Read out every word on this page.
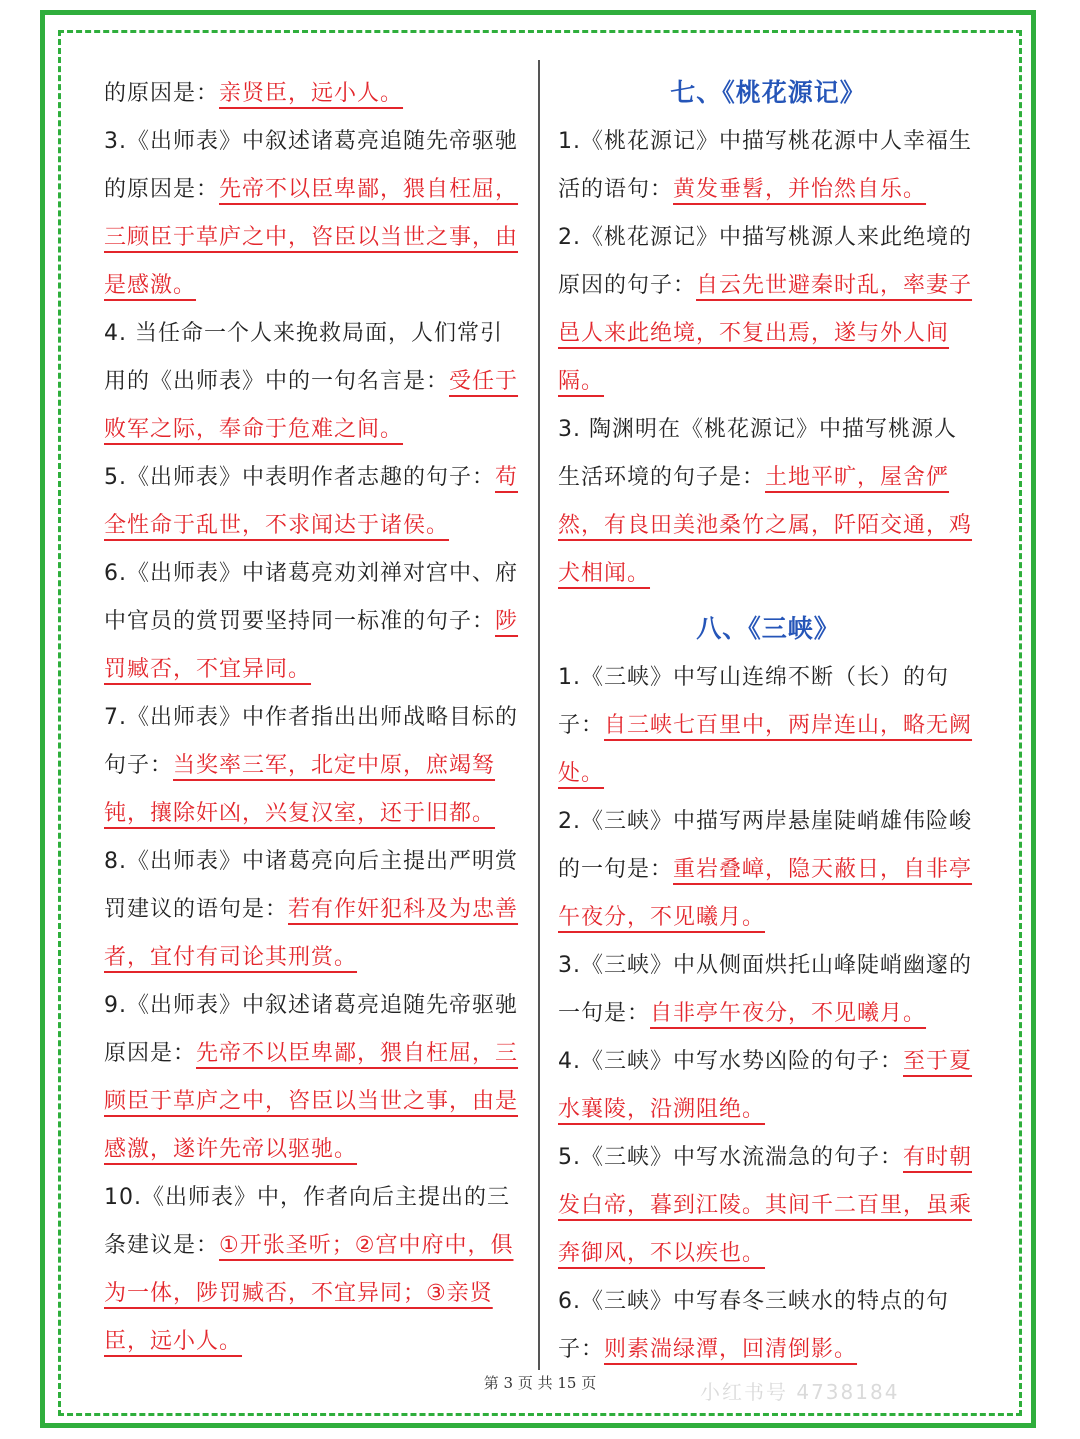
的原因是：亲贤臣，远小人。

3.《出师表》中叙述诸葛亮追随先帝驱驰的原因是：先帝不以臣卑鄙，猥自枉屈，三顾臣于草庐之中，咨臣以当世之事，由是感激。

4. 当任命一个人来挽救局面，人们常引用的《出师表》中的一句名言是：受任于败军之际，奉命于危难之间。

5.《出师表》中表明作者志趣的句子：苟全性命于乱世，不求闻达于诸侯。

6.《出师表》中诸葛亮劝刘禅对宫中、府中官员的赏罚要坚持同一标准的句子：陟罚臧否，不宜异同。

7.《出师表》中作者指出出师战略目标的句子：当奖率三军，北定中原，庶竭驽钝，攘除奸凶，兴复汉室，还于旧都。

8.《出师表》中诸葛亮向后主提出严明赏罚建议的语句是：若有作奸犯科及为忠善者，宜付有司论其刑赏。

9.《出师表》中叙述诸葛亮追随先帝驱驰原因是：先帝不以臣卑鄙，猥自枉屈，三顾臣于草庐之中，咨臣以当世之事，由是感激，遂许先帝以驱驰。

10.《出师表》中，作者向后主提出的三条建议是：①开张圣听；②宫中府中，俱为一体，陟罚臧否，不宜异同；③亲贤臣，远小人。

七、《桃花源记》

1.《桃花源记》中描写桃花源中人幸福生活的语句：黄发垂髫，并怡然自乐。

2.《桃花源记》中描写桃源人来此绝境的原因的句子：自云先世避秦时乱，率妻子邑人来此绝境，不复出焉，遂与外人间隔。

3. 陶渊明在《桃花源记》中描写桃源人生活环境的句子是：土地平旷，屋舍俨然，有良田美池桑竹之属，阡陌交通，鸡犬相闻。

八、《三峡》

1.《三峡》中写山连绵不断（长）的句子：自三峡七百里中，两岸连山，略无阙处。

2.《三峡》中描写两岸悬崖陡峭雄伟险峻的一句是：重岩叠嶂，隐天蔽日，自非亭午夜分，不见曦月。

3.《三峡》中从侧面烘托山峰陡峭幽邃的一句是：自非亭午夜分，不见曦月。

4.《三峡》中写水势凶险的句子：至于夏水襄陵，沿溯阻绝。

5.《三峡》中写水流湍急的句子：有时朝发白帝，暮到江陵。其间千二百里，虽乘奔御风，不以疾也。

6.《三峡》中写春冬三峡水的特点的句子：则素湍绿潭，回清倒影。

第 3 页 共 15 页	小红书号 4738184
